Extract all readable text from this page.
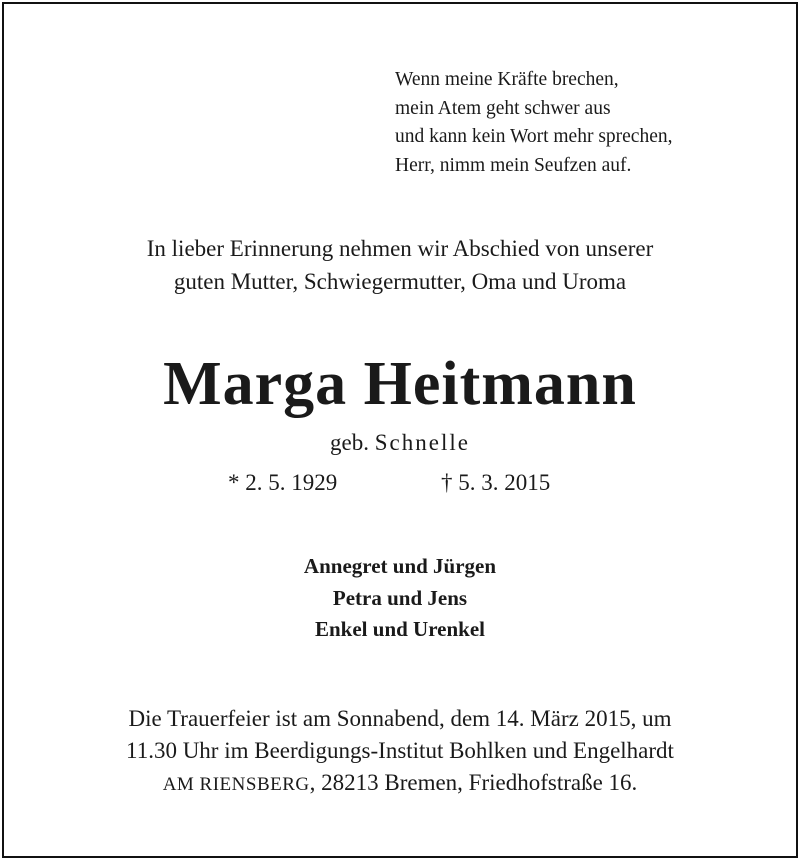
Wenn meine Kräfte brechen,
mein Atem geht schwer aus
und kann kein Wort mehr sprechen,
Herr, nimm mein Seufzen auf.
In lieber Erinnerung nehmen wir Abschied von unserer
guten Mutter, Schwiegermutter, Oma und Uroma
Marga Heitmann
geb. Schnelle
* 2. 5. 1929	† 5. 3. 2015
Annegret und Jürgen
Petra und Jens
Enkel und Urenkel
Die Trauerfeier ist am Sonnabend, dem 14. März 2015, um
11.30 Uhr im Beerdigungs-Institut Bohlken und Engelhardt
AM RIENSBERG, 28213 Bremen, Friedhofstraße 16.
